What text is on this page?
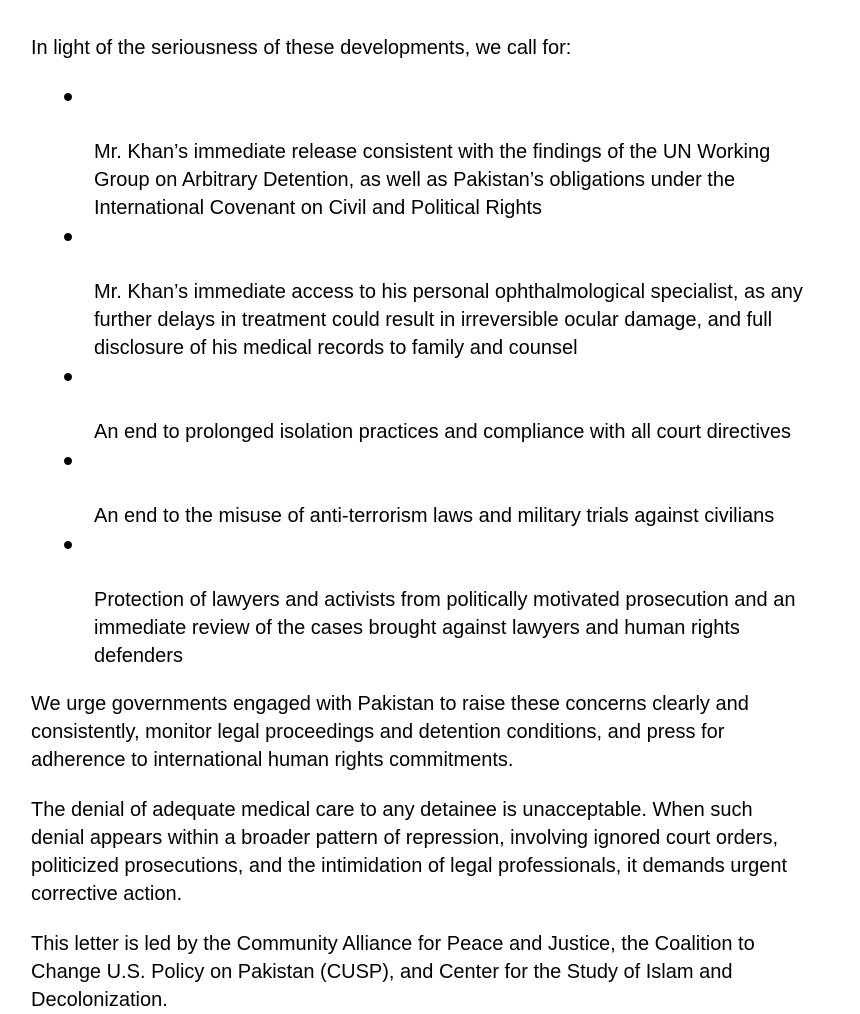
In light of the seriousness of these developments, we call for:

Mr. Khan’s immediate release consistent with the findings of the UN Working
Group on Arbitrary Detention, as well as Pakistan’s obligations under the
International Covenant on Civil and Political Rights

Mr. Khan’s immediate access to his personal ophthalmological specialist, as any
further delays in treatment could result in irreversible ocular damage, and full
disclosure of his medical records to family and counsel

An end to prolonged isolation practices and compliance with all court directives

An end to the misuse of anti-terrorism laws and military trials against civilians

Protection of lawyers and activists from politically motivated prosecution and an
immediate review of the cases brought against lawyers and human rights
defenders

We urge governments engaged with Pakistan to raise these concerns clearly and
consistently, monitor legal proceedings and detention conditions, and press for
adherence to international human rights commitments.

The denial of adequate medical care to any detainee is unacceptable. When such
denial appears within a broader pattern of repression, involving ignored court orders,
politicized prosecutions, and the intimidation of legal professionals, it demands urgent
corrective action.

This letter is led by the Community Alliance for Peace and Justice, the Coalition to
Change U.S. Policy on Pakistan (CUSP), and Center for the Study of Islam and
Decolonization.
